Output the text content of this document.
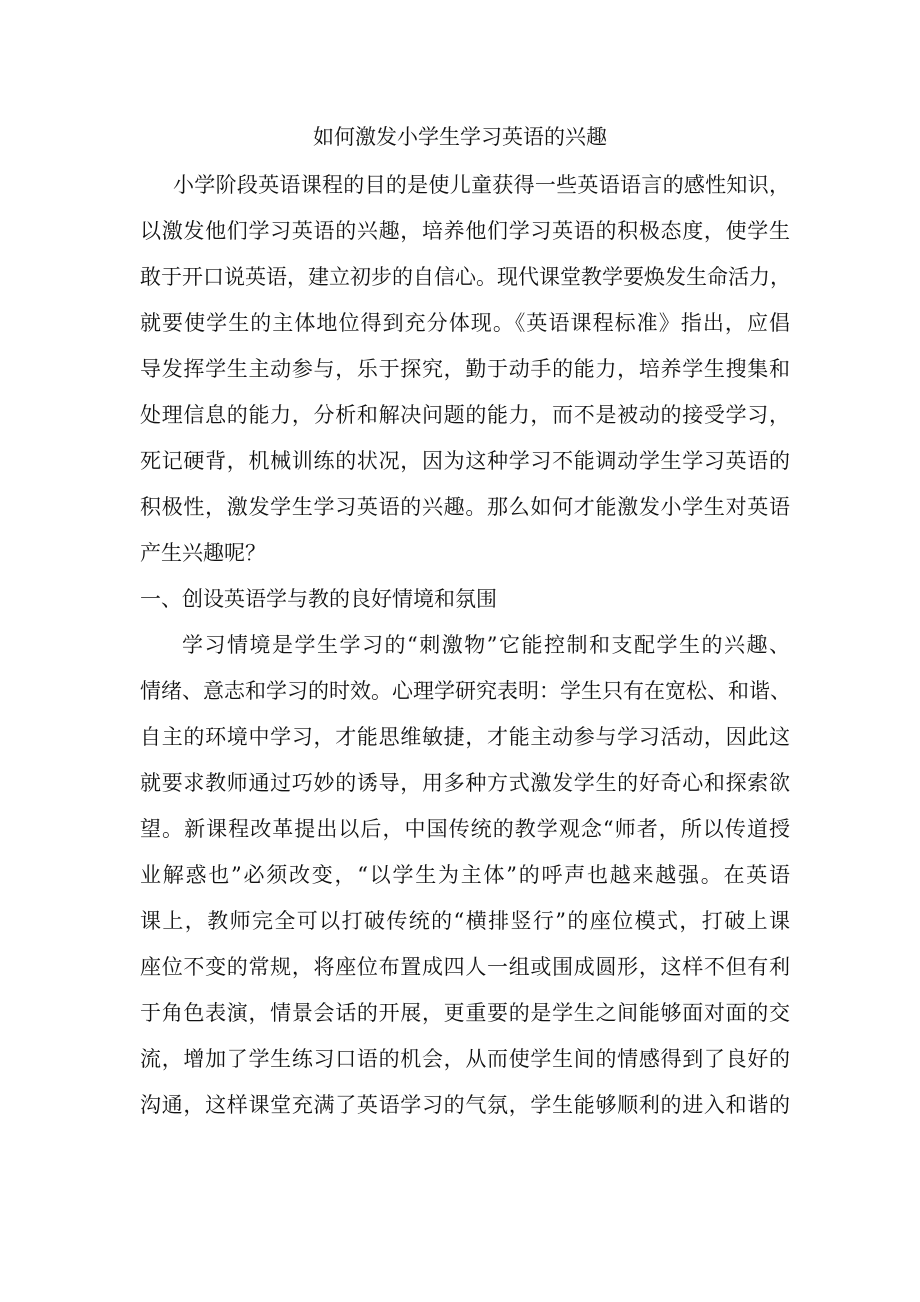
如何激发小学生学习英语的兴趣
小学阶段英语课程的目的是使儿童获得一些英语语言的感性知识，
以激发他们学习英语的兴趣，培养他们学习英语的积极态度，使学生
敢于开口说英语，建立初步的自信心。现代课堂教学要焕发生命活力，
就要使学生的主体地位得到充分体现。《英语课程标准》指出，应倡
导发挥学生主动参与，乐于探究，勤于动手的能力，培养学生搜集和
处理信息的能力，分析和解决问题的能力，而不是被动的接受学习，
死记硬背，机械训练的状况，因为这种学习不能调动学生学习英语的
积极性，激发学生学习英语的兴趣。那么如何才能激发小学生对英语
产生兴趣呢？
一、创设英语学与教的良好情境和氛围
学习情境是学生学习的“刺激物”它能控制和支配学生的兴趣、
情绪、意志和学习的时效。心理学研究表明：学生只有在宽松、和谐、
自主的环境中学习，才能思维敏捷，才能主动参与学习活动，因此这
就要求教师通过巧妙的诱导，用多种方式激发学生的好奇心和探索欲
望。新课程改革提出以后，中国传统的教学观念“师者，所以传道授
业解惑也”必须改变，“以学生为主体”的呼声也越来越强。在英语
课上，教师完全可以打破传统的“横排竖行”的座位模式，打破上课
座位不变的常规，将座位布置成四人一组或围成圆形，这样不但有利
于角色表演，情景会话的开展，更重要的是学生之间能够面对面的交
流，增加了学生练习口语的机会，从而使学生间的情感得到了良好的
沟通，这样课堂充满了英语学习的气氛，学生能够顺利的进入和谐的
